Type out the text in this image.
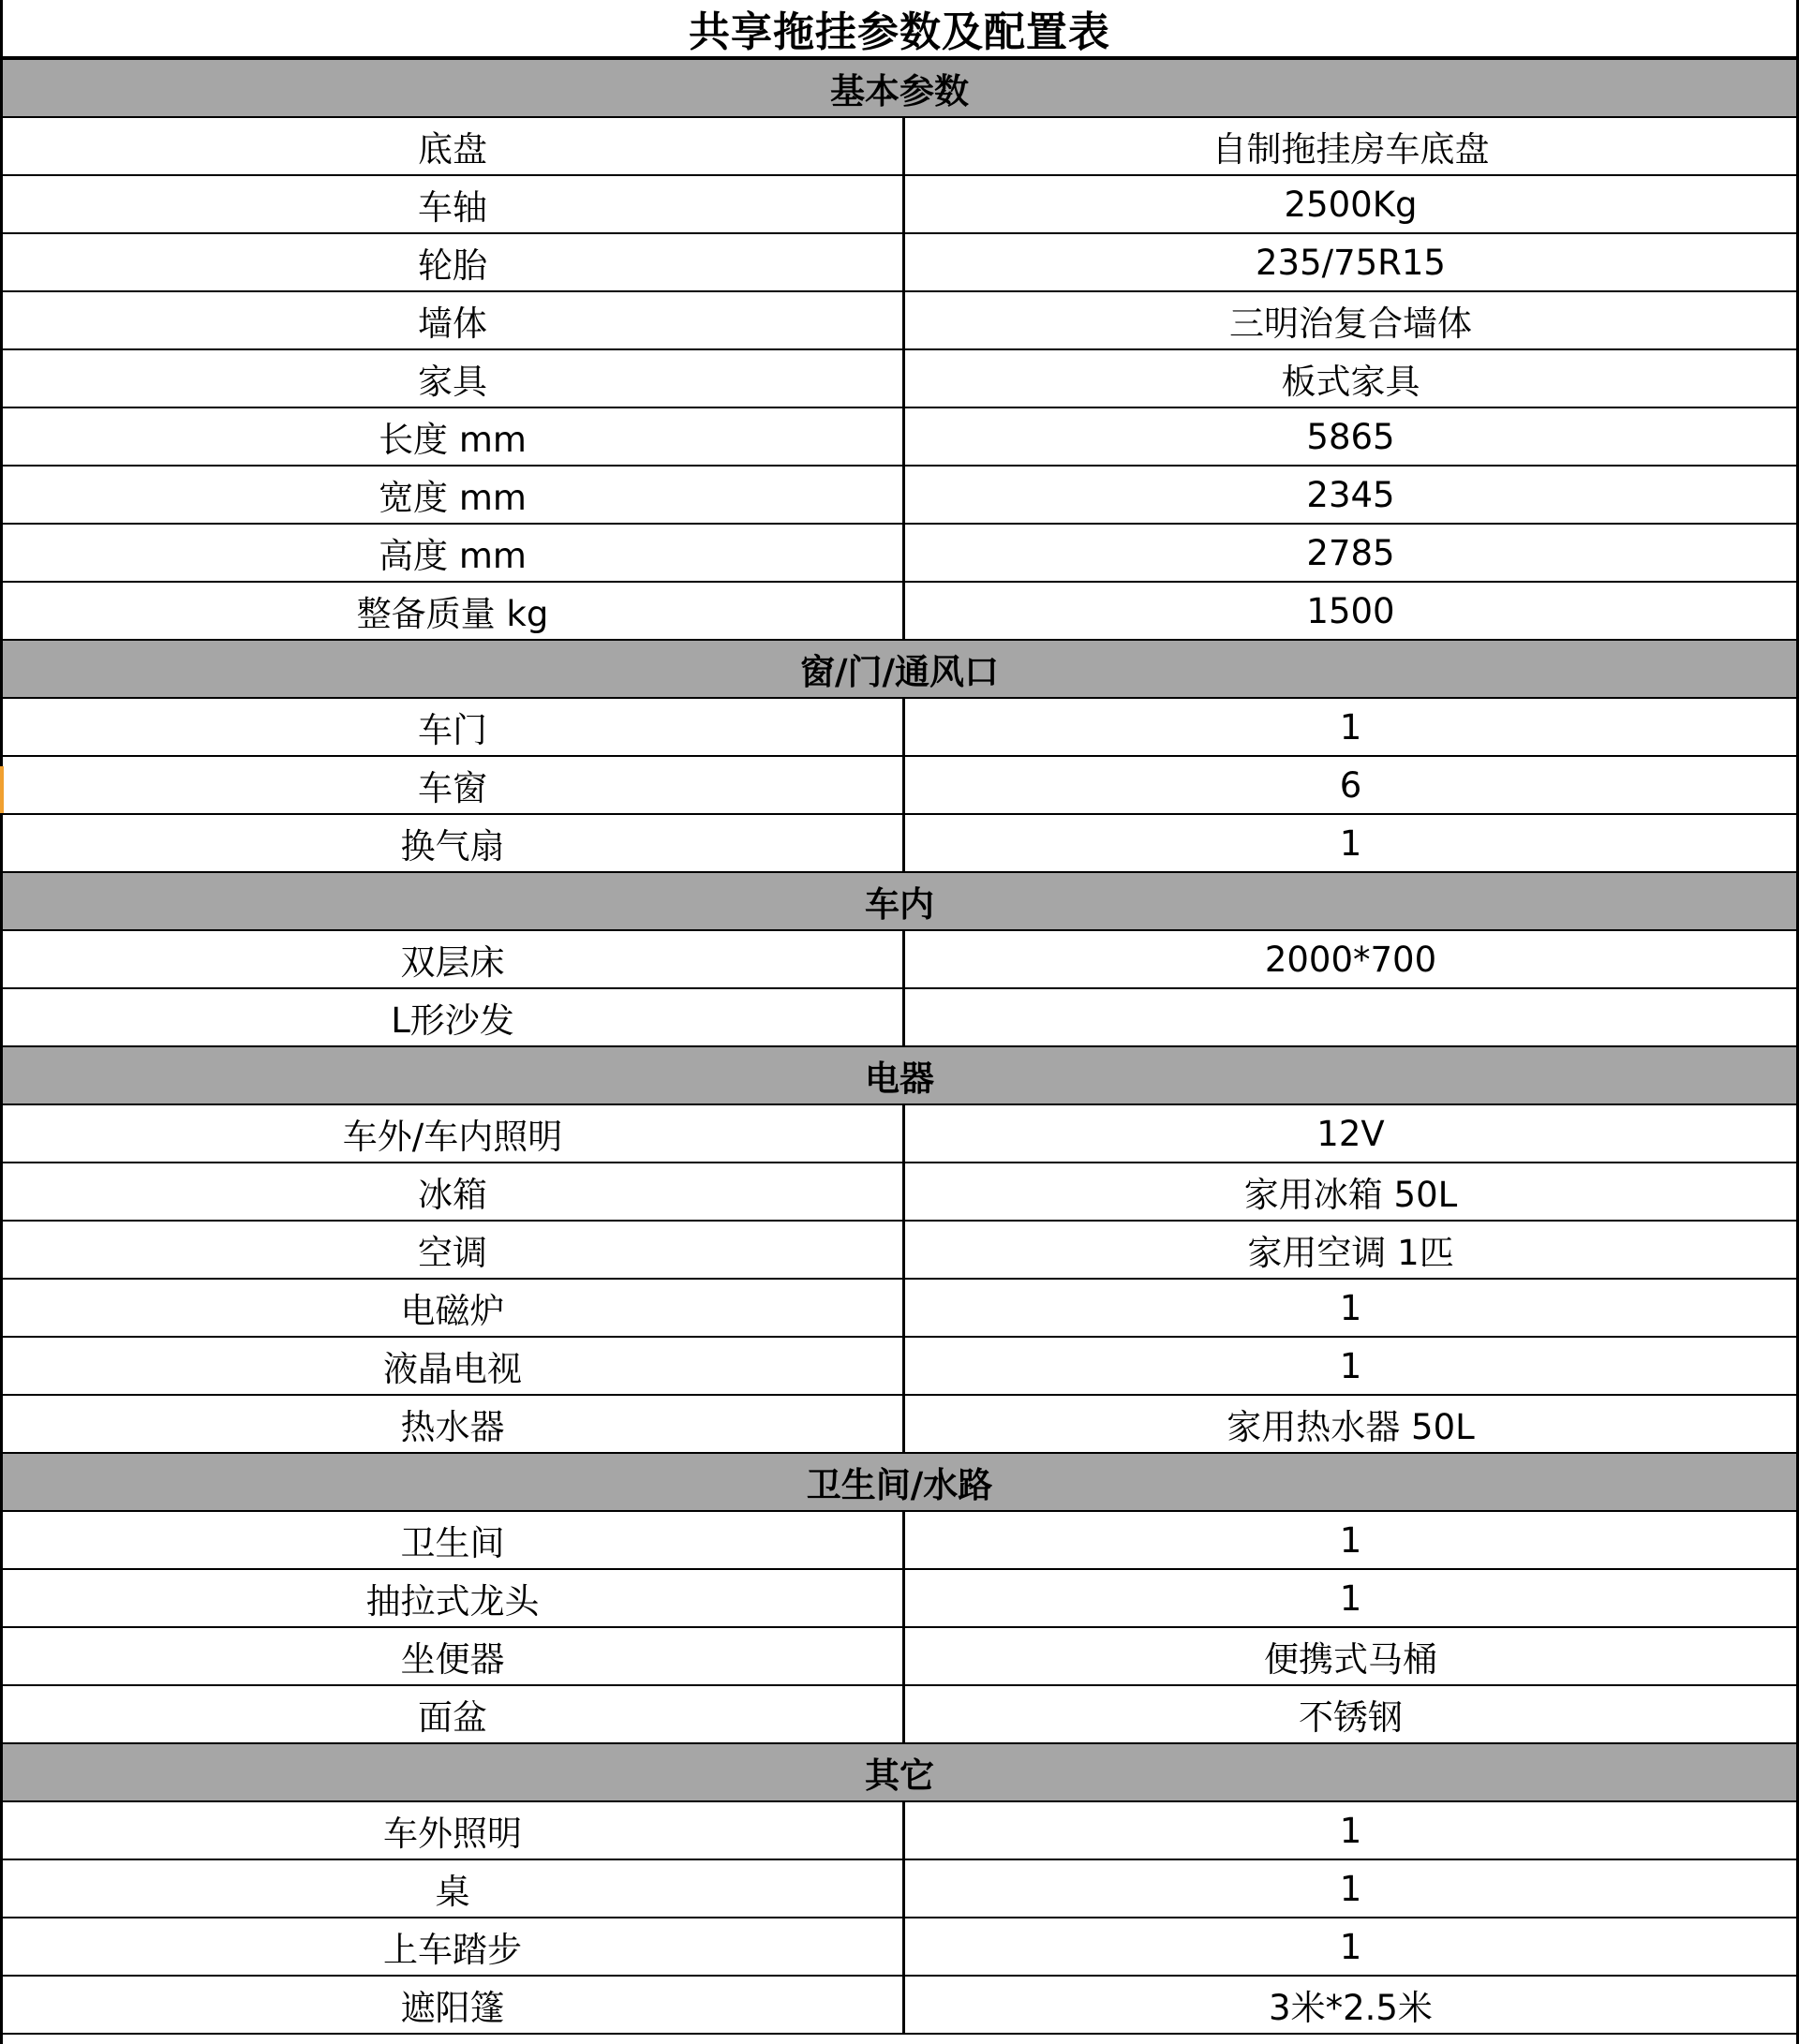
共享拖挂参数及配置表
基本参数
底盘	自制拖挂房车底盘
车轴	2500Kg
轮胎	235/75R15
墙体	三明治复合墙体
家具	板式家具
长度 mm	5865
宽度 mm	2345
高度 mm	2785
整备质量 kg	1500
窗/门/通风口
车门	1
车窗	6
换气扇	1
车内
双层床	2000*700
L形沙发
电器
车外/车内照明	12V
冰箱	家用冰箱 50L
空调	家用空调 1匹
电磁炉	1
液晶电视	1
热水器	家用热水器 50L
卫生间/水路
卫生间	1
抽拉式龙头	1
坐便器	便携式马桶
面盆	不锈钢
其它
车外照明	1
桌	1
上车踏步	1
遮阳篷	3米*2.5米
